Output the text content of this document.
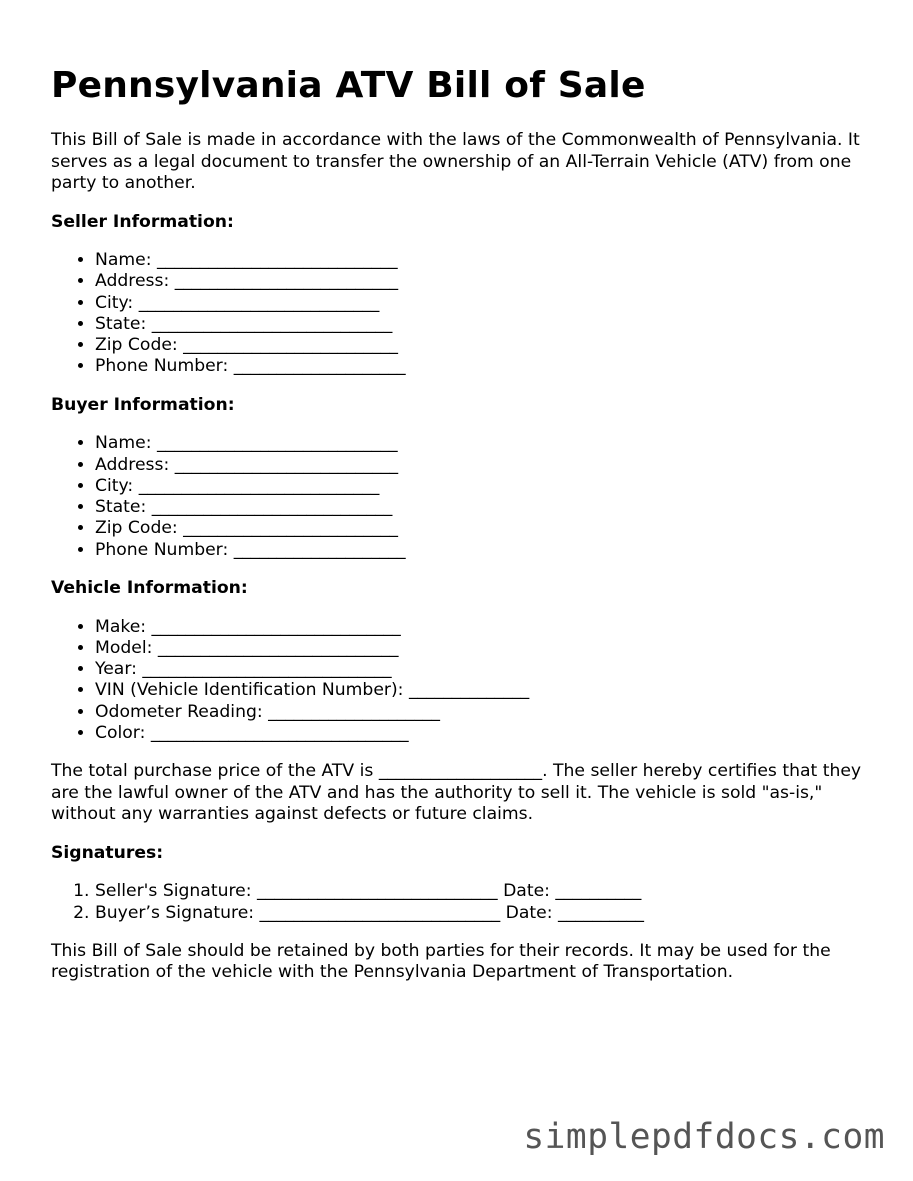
Pennsylvania ATV Bill of Sale

This Bill of Sale is made in accordance with the laws of the Commonwealth of Pennsylvania. It serves as a legal document to transfer the ownership of an All-Terrain Vehicle (ATV) from one party to another.

Seller Information:
• Name: ____________________________
• Address: __________________________
• City: ____________________________
• State: ____________________________
• Zip Code: _________________________
• Phone Number: ____________________
Buyer Information:
• Name: ____________________________
• Address: __________________________
• City: ____________________________
• State: ____________________________
• Zip Code: _________________________
• Phone Number: ____________________
Vehicle Information:
• Make: _____________________________
• Model: ____________________________
• Year: _____________________________
• VIN (Vehicle Identification Number): ______________
• Odometer Reading: ____________________
• Color: ______________________________

The total purchase price of the ATV is ___________________. The seller hereby certifies that they are the lawful owner of the ATV and has the authority to sell it. The vehicle is sold "as-is," without any warranties against defects or future claims.

Signatures:
1. Seller's Signature: ____________________________ Date: __________
2. Buyer’s Signature: ____________________________ Date: __________

This Bill of Sale should be retained by both parties for their records. It may be used for the registration of the vehicle with the Pennsylvania Department of Transportation.

simplepdfdocs.com
